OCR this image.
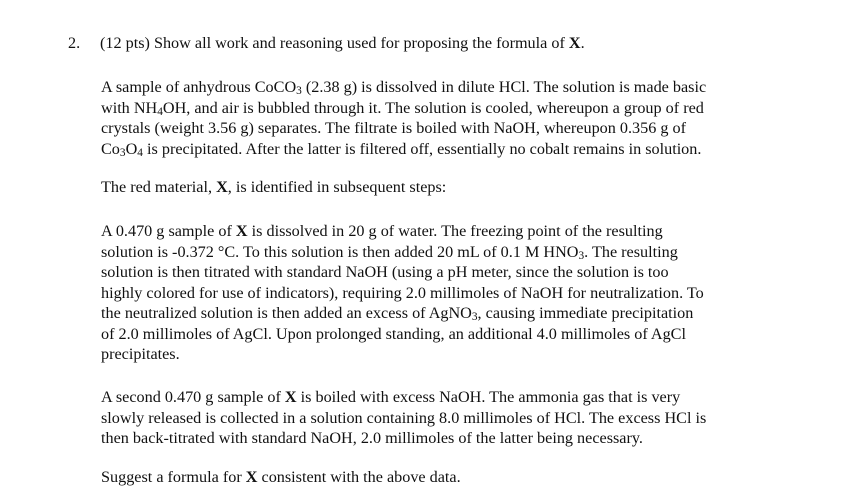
2. (12 pts) Show all work and reasoning used for proposing the formula of X.
A sample of anhydrous CoCO$_3$ (2.38 g) is dissolved in dilute HCl. The solution is made basic
with $NH_4OH$, and air is bubbled through it. The solution is cooled, whereupon a group of red
crystals (weight 3.56 g) separates. The filtrate is boiled with NaOH, whereupon 0.356 g of
$Co_3O_4$ is precipitated. After the latter is filtered off, essentially no cobalt remains in solution.
The red material, X, is identified in subsequent steps:
A 0.470 g sample of X is dissolved in 20 g of water. The freezing point of the resulting
solution is -0.372 °C. To this solution is then added 20 mL of 0.1 M $HNO_3$. The resulting
solution is then titrated with standard NaOH (using a pH meter, since the solution is too
highly colored for use of indicators), requiring 2.0 millimoles of NaOH for neutralization. To
the neutralized solution is then added an excess of AgNO$_3$, causing immediate precipitation
of 2.0 millimoles of AgCl. Upon prolonged standing, an additional 4.0 millimoles of AgCl
precipitates.
A second 0.470 g sample of X is boiled with excess NaOH. The ammonia gas that is very
slowly released is collected in a solution containing 8.0 millimoles of HCl. The excess HCl is
then back-titrated with standard NaOH, 2.0 millimoles of the latter being necessary.
Suggest a formula for X consistent with the above data.
